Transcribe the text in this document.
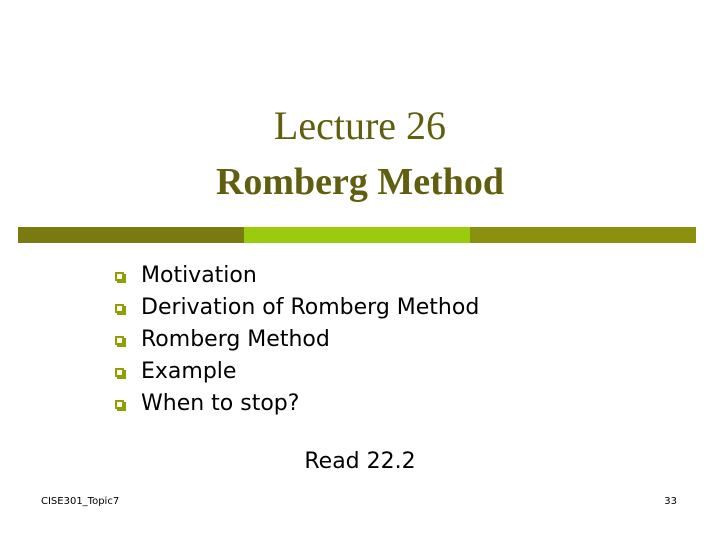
Lecture 26
Romberg Method
Motivation
Derivation of Romberg Method
Romberg Method
Example
When to stop?
Read 22.2
CISE301_Topic7	33
